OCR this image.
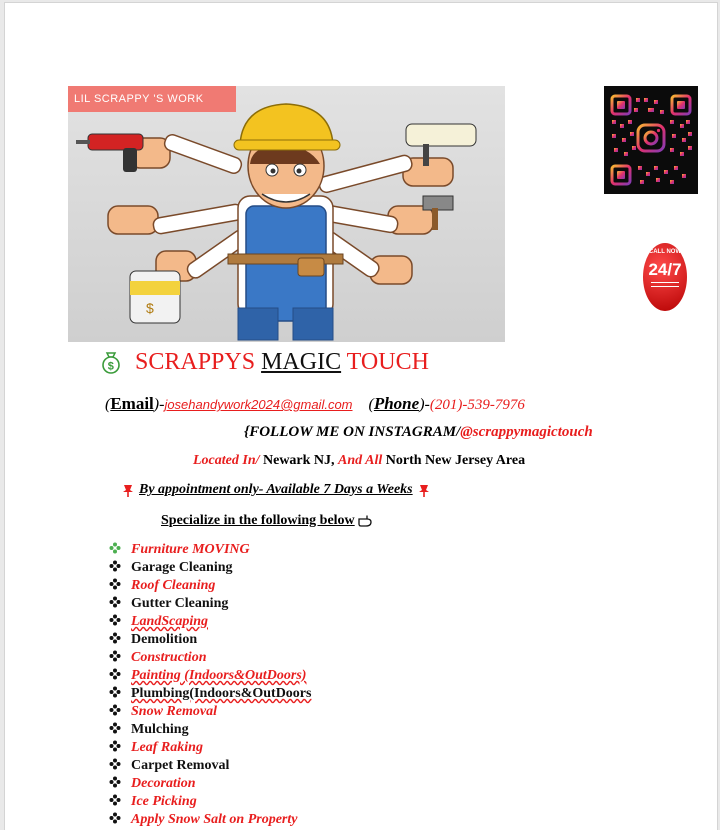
$
LIL SCRAPPY 'S WORK
CALL NOW
24/7
$ SCRAPPYS MAGIC TOUCH
(Email)-josehandywork2024@gmail.com    (Phone)-(201)-539-7976
{FOLLOW ME ON INSTAGRAM/@scrappymagictouch
Located In/ Newark NJ, And All North New Jersey Area
By appointment only- Available 7 Days a Weeks
Specialize in the following below
Furniture MOVING
Garage Cleaning
Roof Cleaning
Gutter Cleaning
LandScaping
Demolition
Construction
Painting (Indoors&OutDoors)
Plumbing(Indoors&OutDoors
Snow Removal
Mulching
Leaf Raking
Carpet Removal
Decoration
Ice Picking
Apply Snow Salt on Property
